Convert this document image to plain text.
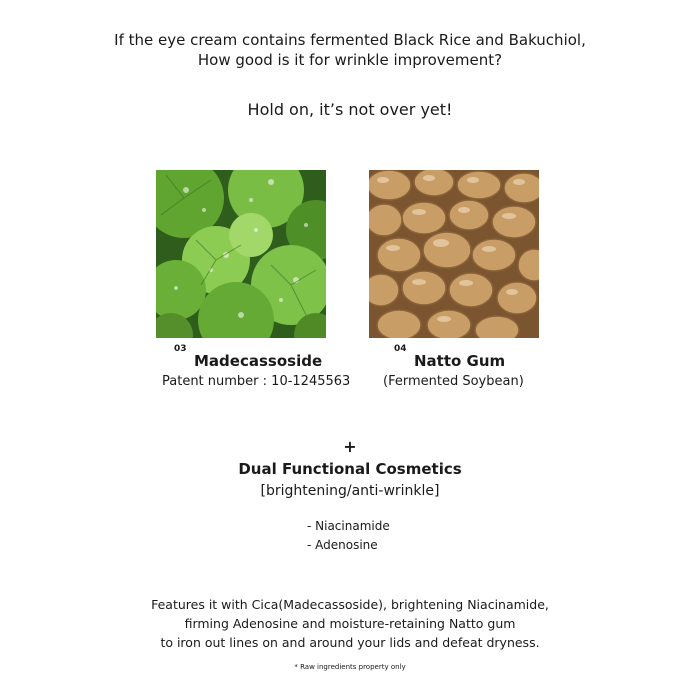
If the eye cream contains fermented Black Rice and Bakuchiol,
How good is it for wrinkle improvement?
Hold on, it’s not over yet!
03
Madecassoside
Patent number : 10-1245563
04
Natto Gum
(Fermented Soybean)
+
Dual Functional Cosmetics
[brightening/anti-wrinkle]
- Niacinamide
- Adenosine
Features it with Cica(Madecassoside), brightening Niacinamide,
firming Adenosine and moisture-retaining Natto gum
to iron out lines on and around your lids and defeat dryness.
* Raw ingredients property only
